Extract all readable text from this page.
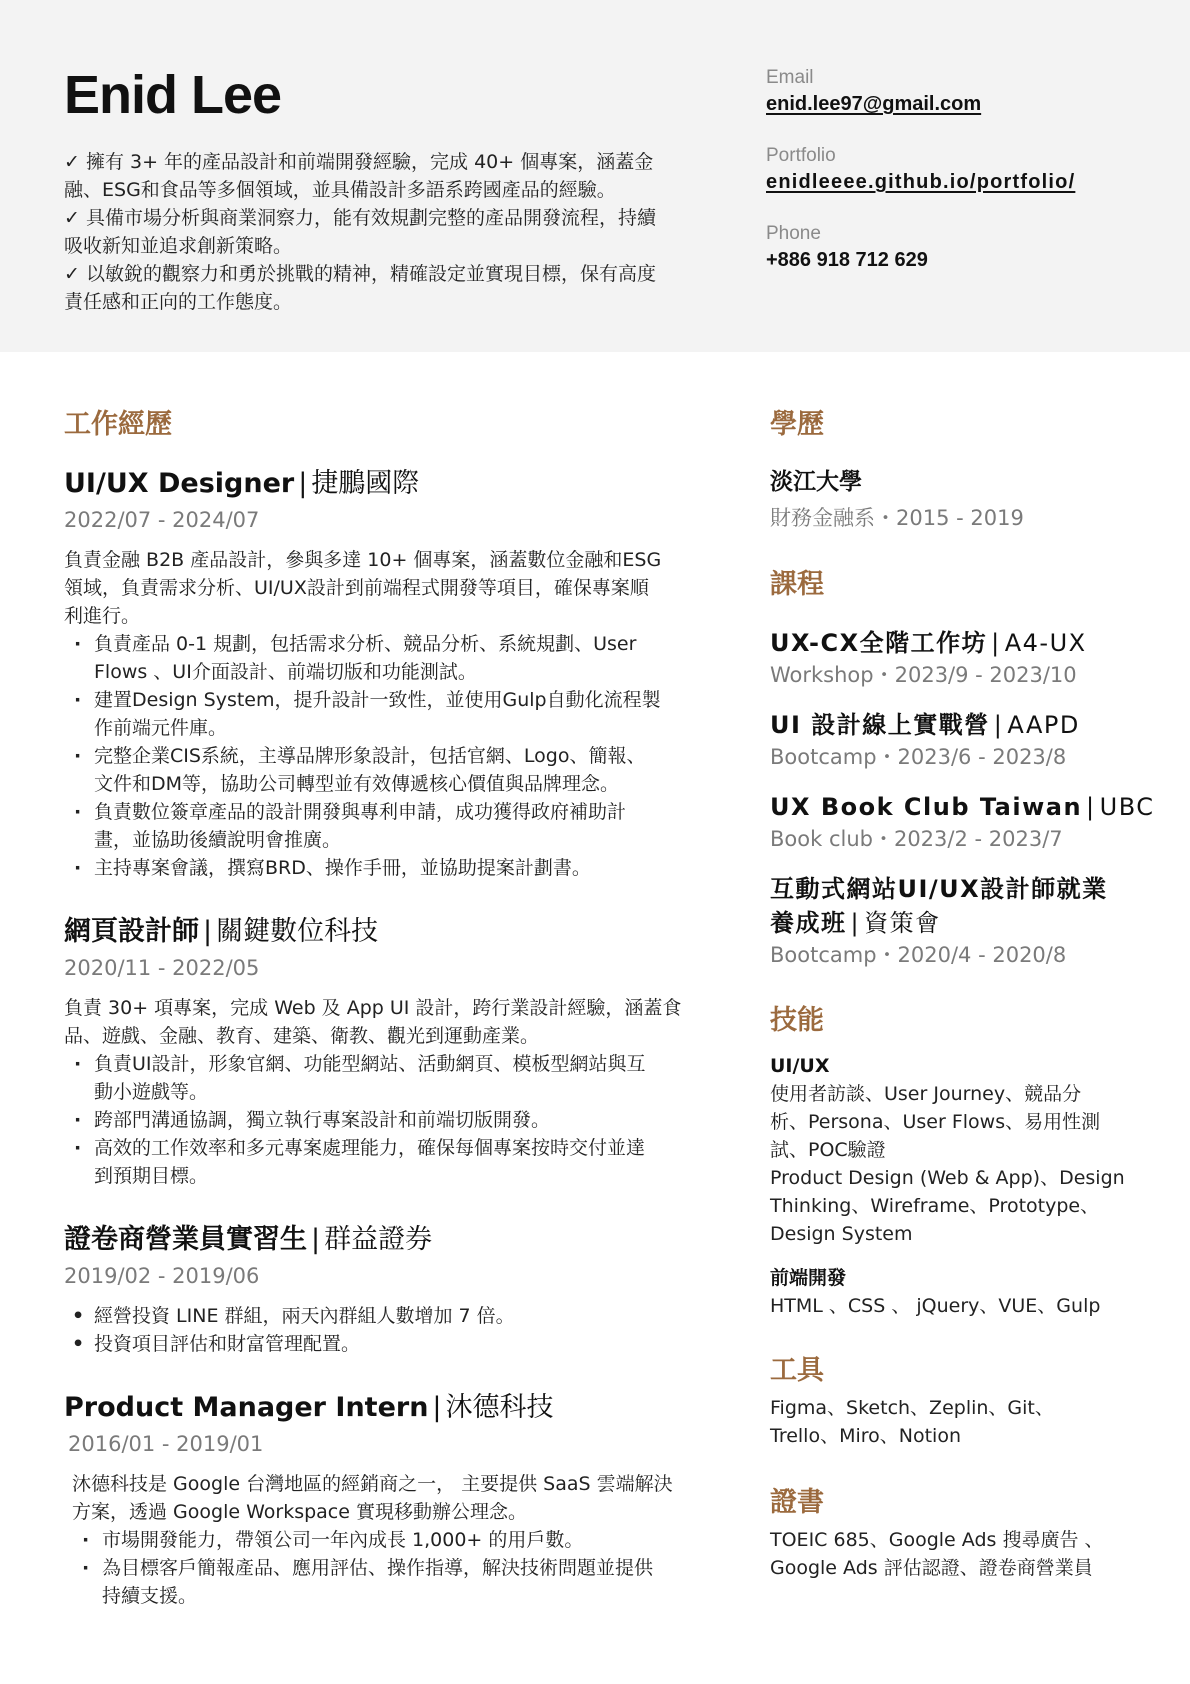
Enid Lee
✓ 擁有 3+ 年的產品設計和前端開發經驗，完成 40+ 個專案，涵蓋金
融、ESG和食品等多個領域，並具備設計多語系跨國產品的經驗。
✓ 具備市場分析與商業洞察力，能有效規劃完整的產品開發流程，持續
吸收新知並追求創新策略。
✓ 以敏銳的觀察力和勇於挑戰的精神，精確設定並實現目標，保有高度
責任感和正向的工作態度。
Email
enid.lee97@gmail.com
Portfolio
enidleeee.github.io/portfolio/
Phone
+886 918 712 629
工作經歷
UI/UX Designer | 捷鵬國際
2022/07 - 2024/07
負責金融 B2B 產品設計，參與多達 10+ 個專案，涵蓋數位金融和ESG
領域，負責需求分析、UI/UX設計到前端程式開發等項目，確保專案順
利進行。
· 負責產品 0-1 規劃，包括需求分析、競品分析、系統規劃、User
Flows 、UI介面設計、前端切版和功能測試。
· 建置Design System，提升設計一致性，並使用Gulp自動化流程製
作前端元件庫。
· 完整企業CIS系統，主導品牌形象設計，包括官網、Logo、簡報、
文件和DM等，協助公司轉型並有效傳遞核心價值與品牌理念。
· 負責數位簽章產品的設計開發與專利申請，成功獲得政府補助計
畫，並協助後續說明會推廣。
· 主持專案會議，撰寫BRD、操作手冊，並協助提案計劃書。
網頁設計師 | 關鍵數位科技
2020/11 - 2022/05
負責 30+ 項專案，完成 Web 及 App UI 設計，跨行業設計經驗，涵蓋食
品、遊戲、金融、教育、建築、衛教、觀光到運動產業。
· 負責UI設計，形象官網、功能型網站、活動網頁、模板型網站與互
動小遊戲等。
· 跨部門溝通協調，獨立執行專案設計和前端切版開發。
· 高效的工作效率和多元專案處理能力，確保每個專案按時交付並達
到預期目標。
證卷商營業員實習生 | 群益證券
2019/02 - 2019/06
• 經營投資 LINE 群組，兩天內群組人數增加 7 倍。
• 投資項目評估和財富管理配置。
Product Manager Intern | 沐德科技
2016/01 - 2019/01
沐德科技是 Google 台灣地區的經銷商之一， 主要提供 SaaS 雲端解決
方案，透過 Google Workspace 實現移動辦公理念。
· 市場開發能力，帶領公司一年內成長 1,000+ 的用戶數。
· 為目標客戶簡報產品、應用評估、操作指導，解決技術問題並提供
持續支援。
學歷
淡江大學
財務金融系・2015 - 2019
課程
UX-CX全階工作坊 | A4-UX
Workshop・2023/9 - 2023/10
UI 設計線上實戰營 | AAPD
Bootcamp・2023/6 - 2023/8
UX Book Club Taiwan | UBC
Book club・2023/2 - 2023/7
互動式網站UI/UX設計師就業
養成班 | 資策會
Bootcamp・2020/4 - 2020/8
技能
UI/UX
使用者訪談、User Journey、競品分
析、Persona、User Flows、易用性測
試、POC驗證
Product Design (Web & App)、Design
Thinking、Wireframe、Prototype、
Design System
前端開發
HTML 、CSS 、 jQuery、VUE、Gulp
工具
Figma、Sketch、Zeplin、Git、
Trello、Miro、Notion
證書
TOEIC 685、Google Ads 搜尋廣告 、
Google Ads 評估認證、證卷商營業員
